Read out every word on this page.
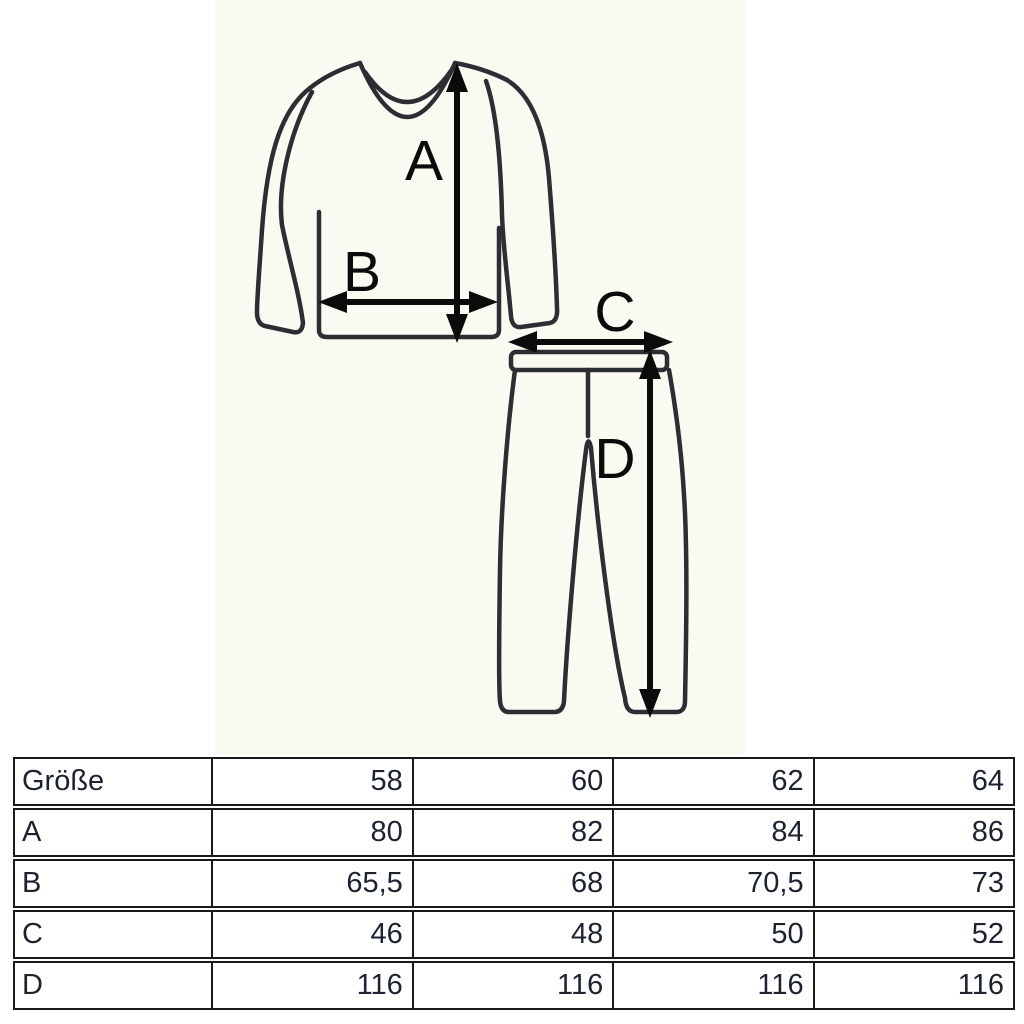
A
B
C
D
Größe	58	60	62	64
A	80	82	84	86
B	65,5	68	70,5	73
C	46	48	50	52
D	116	116	116	116
